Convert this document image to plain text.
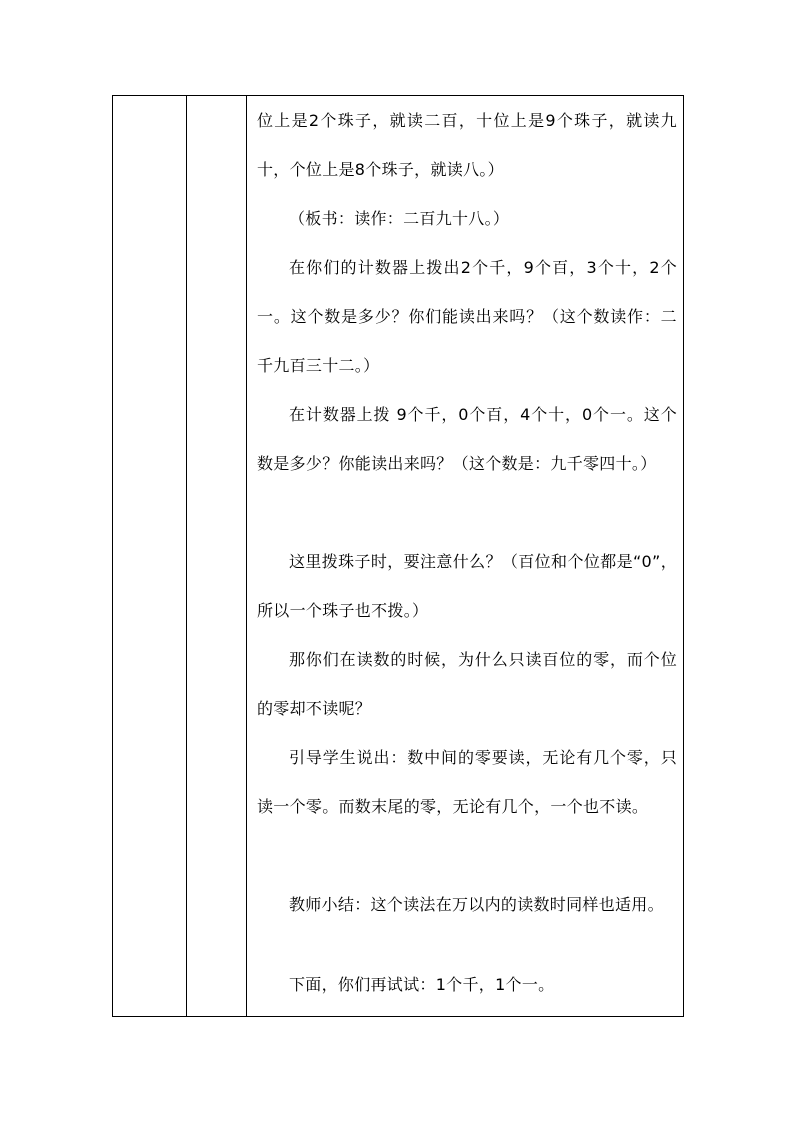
位上是2个珠子，就读二百，十位上是9个珠子，就读九十，个位上是8个珠子，就读八。）

（板书：读作：二百九十八。）

在你们的计数器上拨出2个千，9个百，3个十，2个一。这个数是多少？你们能读出来吗？（这个数读作：二千九百三十二。）

在计数器上拨 9个千，0个百，4个十，0个一。这个数是多少？你能读出来吗？（这个数是：九千零四十。）

这里拨珠子时，要注意什么？（百位和个位都是“0”，所以一个珠子也不拨。）

那你们在读数的时候，为什么只读百位的零，而个位的零却不读呢？

引导学生说出：数中间的零要读，无论有几个零，只读一个零。而数末尾的零，无论有几个，一个也不读。

教师小结：这个读法在万以内的读数时同样也适用。

下面，你们再试试：1个千，1个一。
